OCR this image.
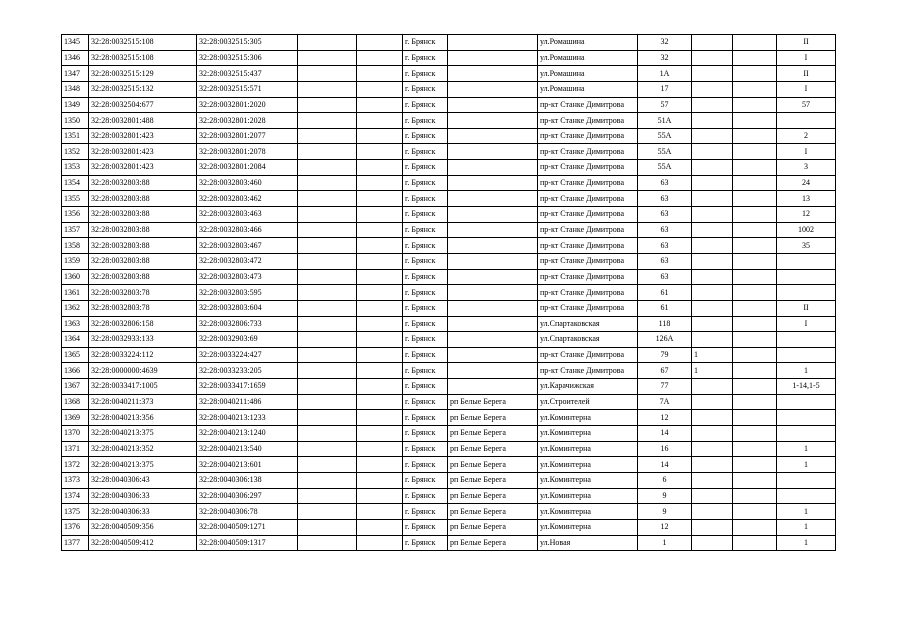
1345	32:28:0032515:108	32:28:0032515:305			г. Брянск		ул.Ромашина	32			II
1346	32:28:0032515:108	32:28:0032515:306			г. Брянск		ул.Ромашина	32			I
1347	32:28:0032515:129	32:28:0032515:437			г. Брянск		ул.Ромашина	1А			II
1348	32:28:0032515:132	32:28:0032515:571			г. Брянск		ул.Ромашина	17			I
1349	32:28:0032504:677	32:28:0032801:2020			г. Брянск		пр-кт Станке Димитрова	57			57
1350	32:28:0032801:488	32:28:0032801:2028			г. Брянск		пр-кт Станке Димитрова	51А			
1351	32:28:0032801:423	32:28:0032801:2077			г. Брянск		пр-кт Станке Димитрова	55А			2
1352	32:28:0032801:423	32:28:0032801:2078			г. Брянск		пр-кт Станке Димитрова	55А			I
1353	32:28:0032801:423	32:28:0032801:2084			г. Брянск		пр-кт Станке Димитрова	55А			3
1354	32:28:0032803:88	32:28:0032803:460			г. Брянск		пр-кт Станке Димитрова	63			24
1355	32:28:0032803:88	32:28:0032803:462			г. Брянск		пр-кт Станке Димитрова	63			13
1356	32:28:0032803:88	32:28:0032803:463			г. Брянск		пр-кт Станке Димитрова	63			12
1357	32:28:0032803:88	32:28:0032803:466			г. Брянск		пр-кт Станке Димитрова	63			1002
1358	32:28:0032803:88	32:28:0032803:467			г. Брянск		пр-кт Станке Димитрова	63			35
1359	32:28:0032803:88	32:28:0032803:472			г. Брянск		пр-кт Станке Димитрова	63			
1360	32:28:0032803:88	32:28:0032803:473			г. Брянск		пр-кт Станке Димитрова	63			
1361	32:28:0032803:78	32:28:0032803:595			г. Брянск		пр-кт Станке Димитрова	61			
1362	32:28:0032803:78	32:28:0032803:604			г. Брянск		пр-кт Станке Димитрова	61			II
1363	32:28:0032806:158	32:28:0032806:733			г. Брянск		ул.Спартаковская	118			I
1364	32:28:0032933:133	32:28:0032903:69			г. Брянск		ул.Спартаковская	126А			
1365	32:28:0033224:112	32:28:0033224:427			г. Брянск		пр-кт Станке Димитрова	79	1		
1366	32:28:0000000:4639	32:28:0033233:205			г. Брянск		пр-кт Станке Димитрова	67	1		1
1367	32:28:0033417:1005	32:28:0033417:1659			г. Брянск		ул.Карачижская	77			1-14,1-5
1368	32:28:0040211:373	32:28:0040211:486			г. Брянск	рп Белые Берега	ул.Строителей	7А			
1369	32:28:0040213:356	32:28:0040213:1233			г. Брянск	рп Белые Берега	ул.Коминтерна	12			
1370	32:28:0040213:375	32:28:0040213:1240			г. Брянск	рп Белые Берега	ул.Коминтерна	14			
1371	32:28:0040213:352	32:28:0040213:540			г. Брянск	рп Белые Берега	ул.Коминтерна	16			1
1372	32:28:0040213:375	32:28:0040213:601			г. Брянск	рп Белые Берега	ул.Коминтерна	14			1
1373	32:28:0040306:43	32:28:0040306:138			г. Брянск	рп Белые Берега	ул.Коминтерна	6			
1374	32:28:0040306:33	32:28:0040306:297			г. Брянск	рп Белые Берега	ул.Коминтерна	9			
1375	32:28:0040306:33	32:28:0040306:78			г. Брянск	рп Белые Берега	ул.Коминтерна	9			1
1376	32:28:0040509:356	32:28:0040509:1271			г. Брянск	рп Белые Берега	ул.Коминтерна	12			1
1377	32:28:0040509:412	32:28:0040509:1317			г. Брянск	рп Белые Берега	ул.Новая	1			1
